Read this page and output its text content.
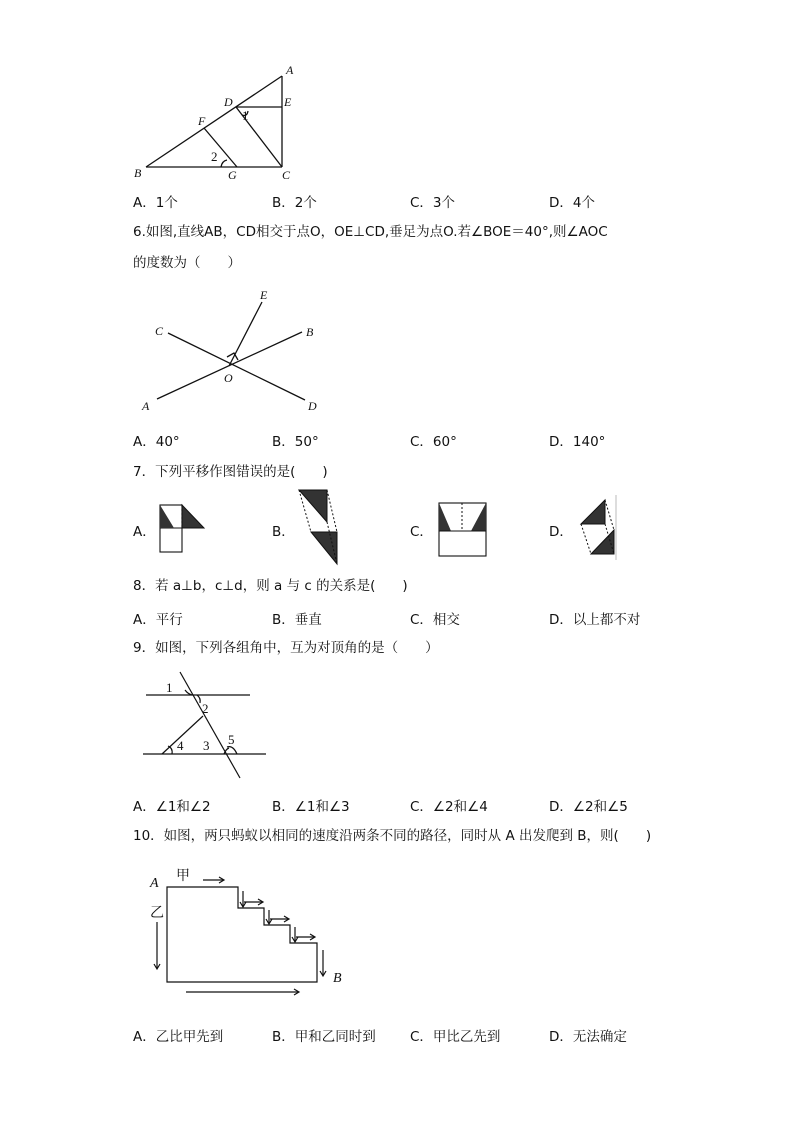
A
D	E
F
B	G	C
1
2
A．1个	B．2个	C．3个	D．4个
6.如图,直线AB，CD相交于点O，OE⊥CD,垂足为点O.若∠BOE＝40°,则∠AOC
的度数为（　　）
E
C	B
O
A	D
A．40°	B．50°	C．60°	D．140°
7．下列平移作图错误的是(　　)
A．	B．	C．	D．
8．若 a⊥b，c⊥d，则 a 与 c 的关系是(　　)
A．平行	B．垂直	C．相交	D．以上都不对
9．如图，下列各组角中，互为对顶角的是（　　）
1
2
4 3 5
A．∠1和∠2	B．∠1和∠3	C．∠2和∠4	D．∠2和∠5
10．如图，两只蚂蚁以相同的速度沿两条不同的路径，同时从 A 出发爬到 B，则(　　)
A
B
甲
乙
A．乙比甲先到	B．甲和乙同时到	C．甲比乙先到	D．无法确定
